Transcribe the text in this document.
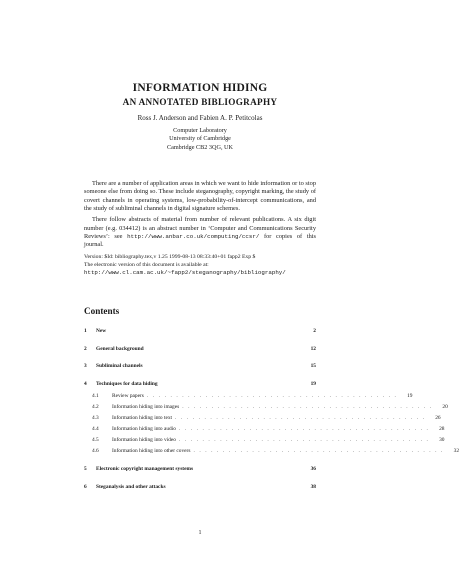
INFORMATION HIDING
AN ANNOTATED BIBLIOGRAPHY
Ross J. Anderson and Fabien A. P. Petitcolas
Computer Laboratory
University of Cambridge
Cambridge CB2 3QG, UK

There are a number of application areas in which we want to hide information or to stop someone else from doing so. These include steganography, copyright marking, the study of covert channels in operating systems, low-probability-of-intercept communications, and the study of subliminal channels in digital signature schemes.

There follow abstracts of material from number of relevant publications. A six digit number (e.g. 034412) is an abstract number in ‘Computer and Communications Security Reviews’: see http://www.anbar.co.uk/computing/ccsr/ for copies of this journal.

Version: $Id: bibliography.tex,v 1.25 1999-08-13 08:33:40+01 fapp2 Exp $
The electronic version of this document is available at:
http://www.cl.cam.ac.uk/~fapp2/steganography/bibliography/
Contents
1	New	2
2	General background	12
3	Subliminal channels	15
4	Techniques for data hiding	19
4.1	Review papers . . . . . . . . . . . . . . . . . . . . . . . . . . . . . . . . . . . . . . . . . . .	19
4.2	Information hiding into images . . . . . . . . . . . . . . . . . . . . . . . . . . . . . . . . . . . . . . . . . . .	20
4.3	Information hiding into text . . . . . . . . . . . . . . . . . . . . . . . . . . . . . . . . . . . . . . . . . . .	26
4.4	Information hiding into audio . . . . . . . . . . . . . . . . . . . . . . . . . . . . . . . . . . . . . . . . . . .	28
4.5	Information hiding into video . . . . . . . . . . . . . . . . . . . . . . . . . . . . . . . . . . . . . . . . . . .	30
4.6	Information hiding into other covers . . . . . . . . . . . . . . . . . . . . . . . . . . . . . . . . . . . . . . . . . . .	32
5	Electronic copyright management systems	36
6	Steganalysis and other attacks	38
1
